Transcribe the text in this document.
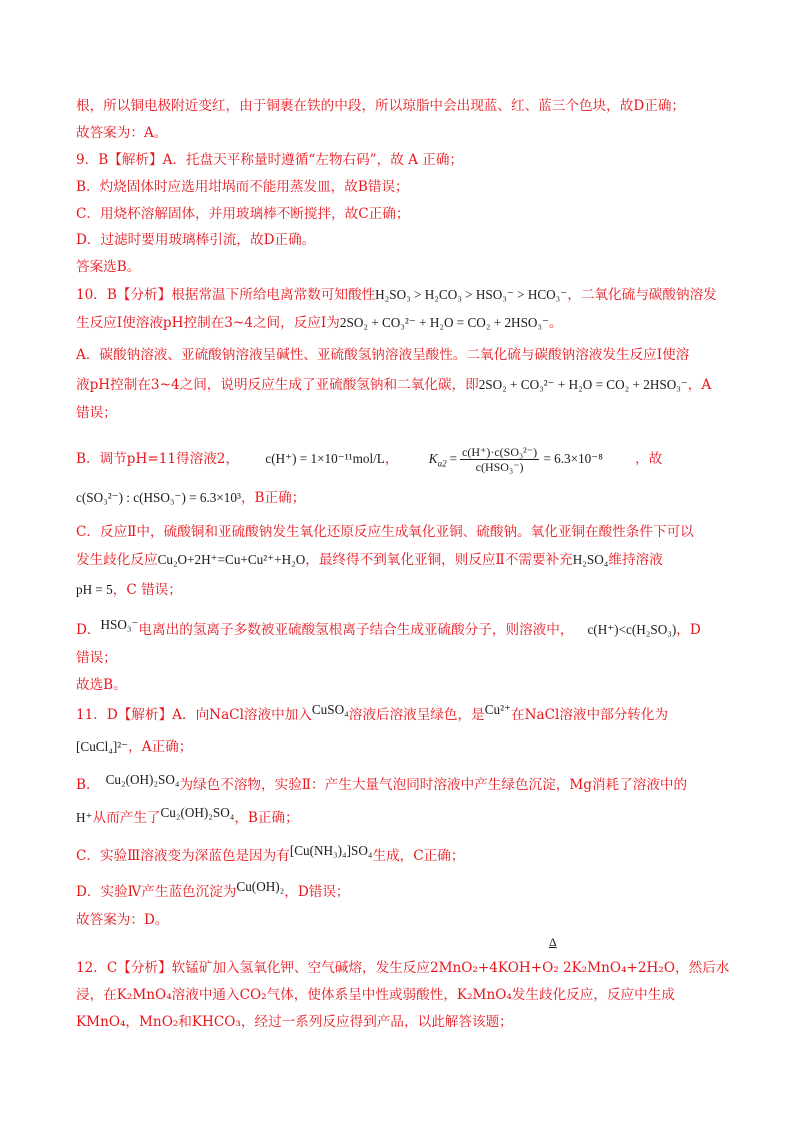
根，所以铜电极附近变红，由于铜裹在铁的中段，所以琼脂中会出现蓝、红、蓝三个色块，故D正确；
故答案为：A。
9．B【解析】A．托盘天平称量时遵循“左物右码”，故 A 正确；
B．灼烧固体时应选用坩埚而不能用蒸发皿，故B错误；
C．用烧杯溶解固体，并用玻璃棒不断搅拌，故C正确；
D．过滤时要用玻璃棒引流，故D正确。
答案选B。
10．B【分析】根据常温下所给电离常数可知酸性H₂SO₃ > H₂CO₃ > HSO₃⁻ > HCO₃⁻，二氧化硫与碳酸钠溶发
生反应Ⅰ使溶液pH控制在3~4之间，反应Ⅰ为2SO₂ + CO₃²⁻ + H₂O = CO₂ + 2HSO₃⁻。
A．碳酸钠溶液、亚硫酸钠溶液呈碱性、亚硫酸氢钠溶液呈酸性。二氧化硫与碳酸钠溶液发生反应Ⅰ使溶
液pH控制在3~4之间，说明反应生成了亚硫酸氢钠和二氧化碳，即2SO₂ + CO₃²⁻ + H₂O = CO₂ + 2HSO₃⁻，A
错误；
B．调节pH=11得溶液2， c(H⁺) = 1×10⁻¹¹mol/L， $K_{a2} = \frac{\text{c(H⁺)·c(SO₃²⁻)}}{\text{c(HSO₃⁻)}} = 6.3\times 10^{-8}$ ，故
c(SO₃²⁻) : c(HSO₃⁻) = 6.3×10³，B正确；
C．反应Ⅱ中，硫酸铜和亚硫酸钠发生氧化还原反应生成氧化亚铜、硫酸钠。氧化亚铜在酸性条件下可以
发生歧化反应Cu₂O+2H⁺=Cu+Cu²⁺+H₂O，最终得不到氧化亚铜，则反应Ⅱ不需要补充H₂SO₄维持溶液
pH = 5，C 错误；
D．HSO₃⁻电离出的氢离子多数被亚硫酸氢根离子结合生成亚硫酸分子，则溶液中， c(H⁺)<c(H₂SO₃)，D
错误；
故选B。
11．D【解析】A．向NaCl溶液中加入CuSO₄溶液后溶液呈绿色，是Cu²⁺在NaCl溶液中部分转化为
[CuCl₄]²⁻，A正确；
B． Cu₂(OH)₂SO₄为绿色不溶物，实验Ⅱ：产生大量气泡同时溶液中产生绿色沉淀，Mg消耗了溶液中的
H⁺从而产生了Cu₂(OH)₂SO₄，B正确；
C．实验Ⅲ溶液变为深蓝色是因为有[Cu(NH₃)₄]SO₄生成，C正确；
D．实验Ⅳ产生蓝色沉淀为Cu(OH)₂，D错误；
故答案为：D。
Δ
12．C【分析】软锰矿加入氢氧化钾、空气碱熔，发生反应2MnO₂+4KOH+O₂ 2K₂MnO₄+2H₂O，然后水
浸，在K₂MnO₄溶液中通入CO₂气体，使体系呈中性或弱酸性，K₂MnO₄发生歧化反应，反应中生成
KMnO₄，MnO₂和KHCO₃，经过一系列反应得到产品，以此解答该题；
